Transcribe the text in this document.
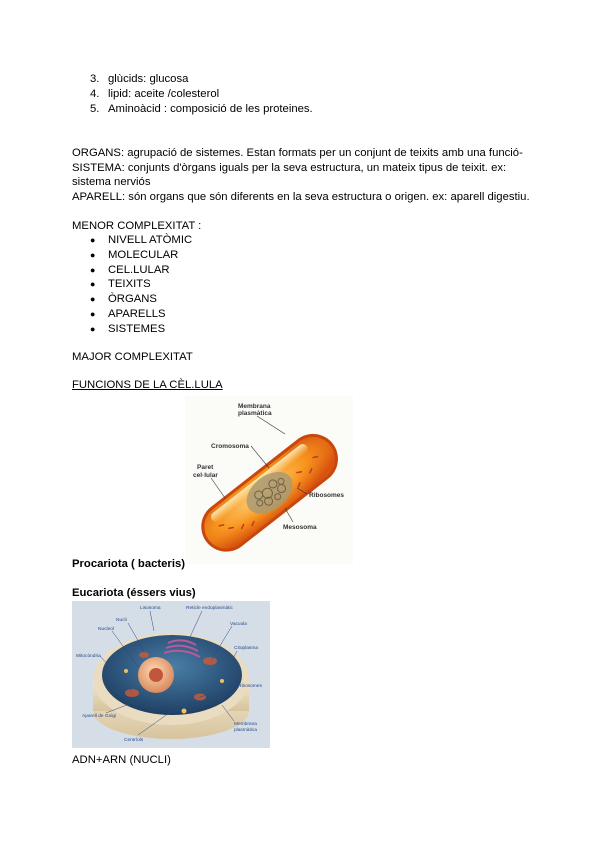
3. glùcids: glucosa
4. lipid: aceite /colesterol
5. Aminoàcid : composició de les proteines.
ORGANS: agrupació de sistemes. Estan formats per un conjunt de teixits amb una funció-
SISTEMA: conjunts d'òrgans iguals per la seva estructura, un mateix tipus de teixit. ex:
sistema nerviós
APARELL: són organs que són diferents en la seva estructura o origen. ex: aparell digestiu.
MENOR COMPLEXITAT :
● NIVELL ATÒMIC
● MOLECULAR
● CEL.LULAR
● TEIXITS
● ÒRGANS
● APARELLS
● SISTEMES
MAJOR COMPLEXITAT
FUNCIONS DE LA CÈL.LULA
Membrana
plasmàtica
Cromosoma
Paret
cel·lular
Ribosomes
Mesosoma
Procariota ( bacteris)
Eucariota (éssers vius)
Lisosoma	Reticle endoplasmàtic
Nucli
Nucleol
Vacuola
Mitocòndria
Citoplasma
Ribosomes
Aparell de Golgi
Membrana
plasmàtica
Centríols
ADN+ARN (NUCLI)
